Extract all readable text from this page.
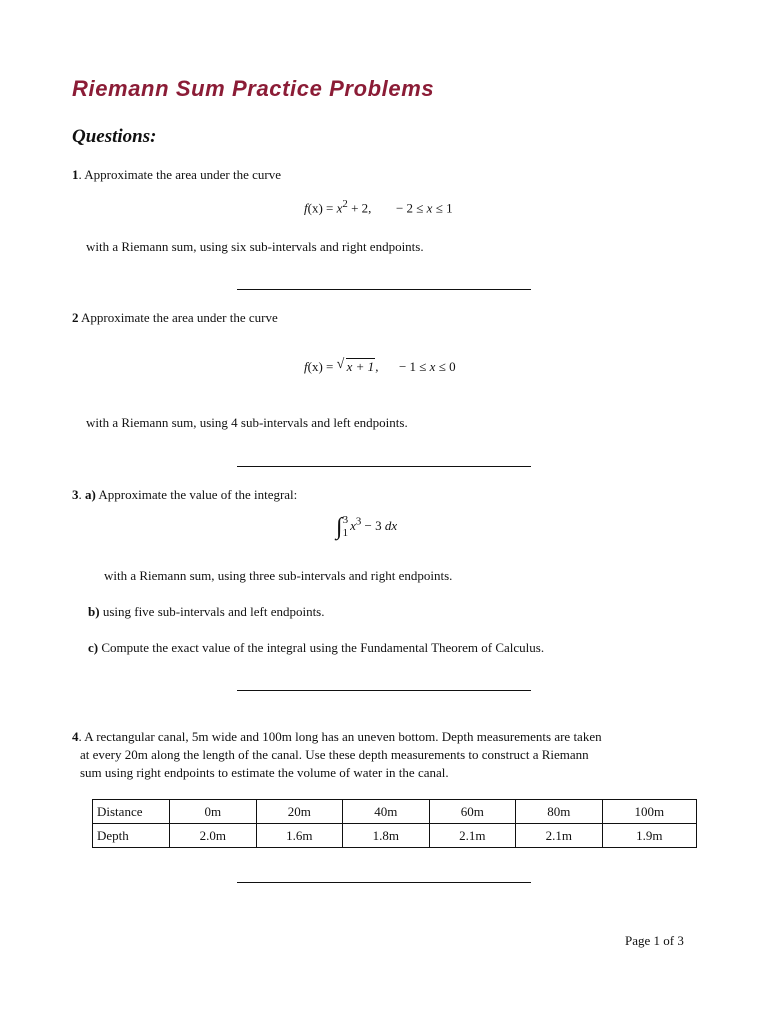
Riemann Sum Practice Problems
Questions:
1. Approximate the area under the curve
$f(x) = x^2 + 2$, − 2 ≤ x ≤ 1
with a Riemann sum, using six sub-intervals and right endpoints.
2 Approximate the area under the curve
f(x) = √ x + 1, − 1 ≤ x ≤ 0
with a Riemann sum, using 4 sub-intervals and left endpoints.
3. a) Approximate the value of the integral:
∫3
$1x^3 - 3$ dx
with a Riemann sum, using three sub-intervals and right endpoints.
b) using five sub-intervals and left endpoints.
c) Compute the exact value of the integral using the Fundamental Theorem of Calculus.
4. A rectangular canal, 5m wide and 100m long has an uneven bottom. Depth measurements are taken
at every 20m along the length of the canal. Use these depth measurements to construct a Riemann
sum using right endpoints to estimate the volume of water in the canal.
Distance	0m	20m	40m	60m	80m	100m
Depth	2.0m	1.6m	1.8m	2.1m	2.1m	1.9m
Page 1 of 3
